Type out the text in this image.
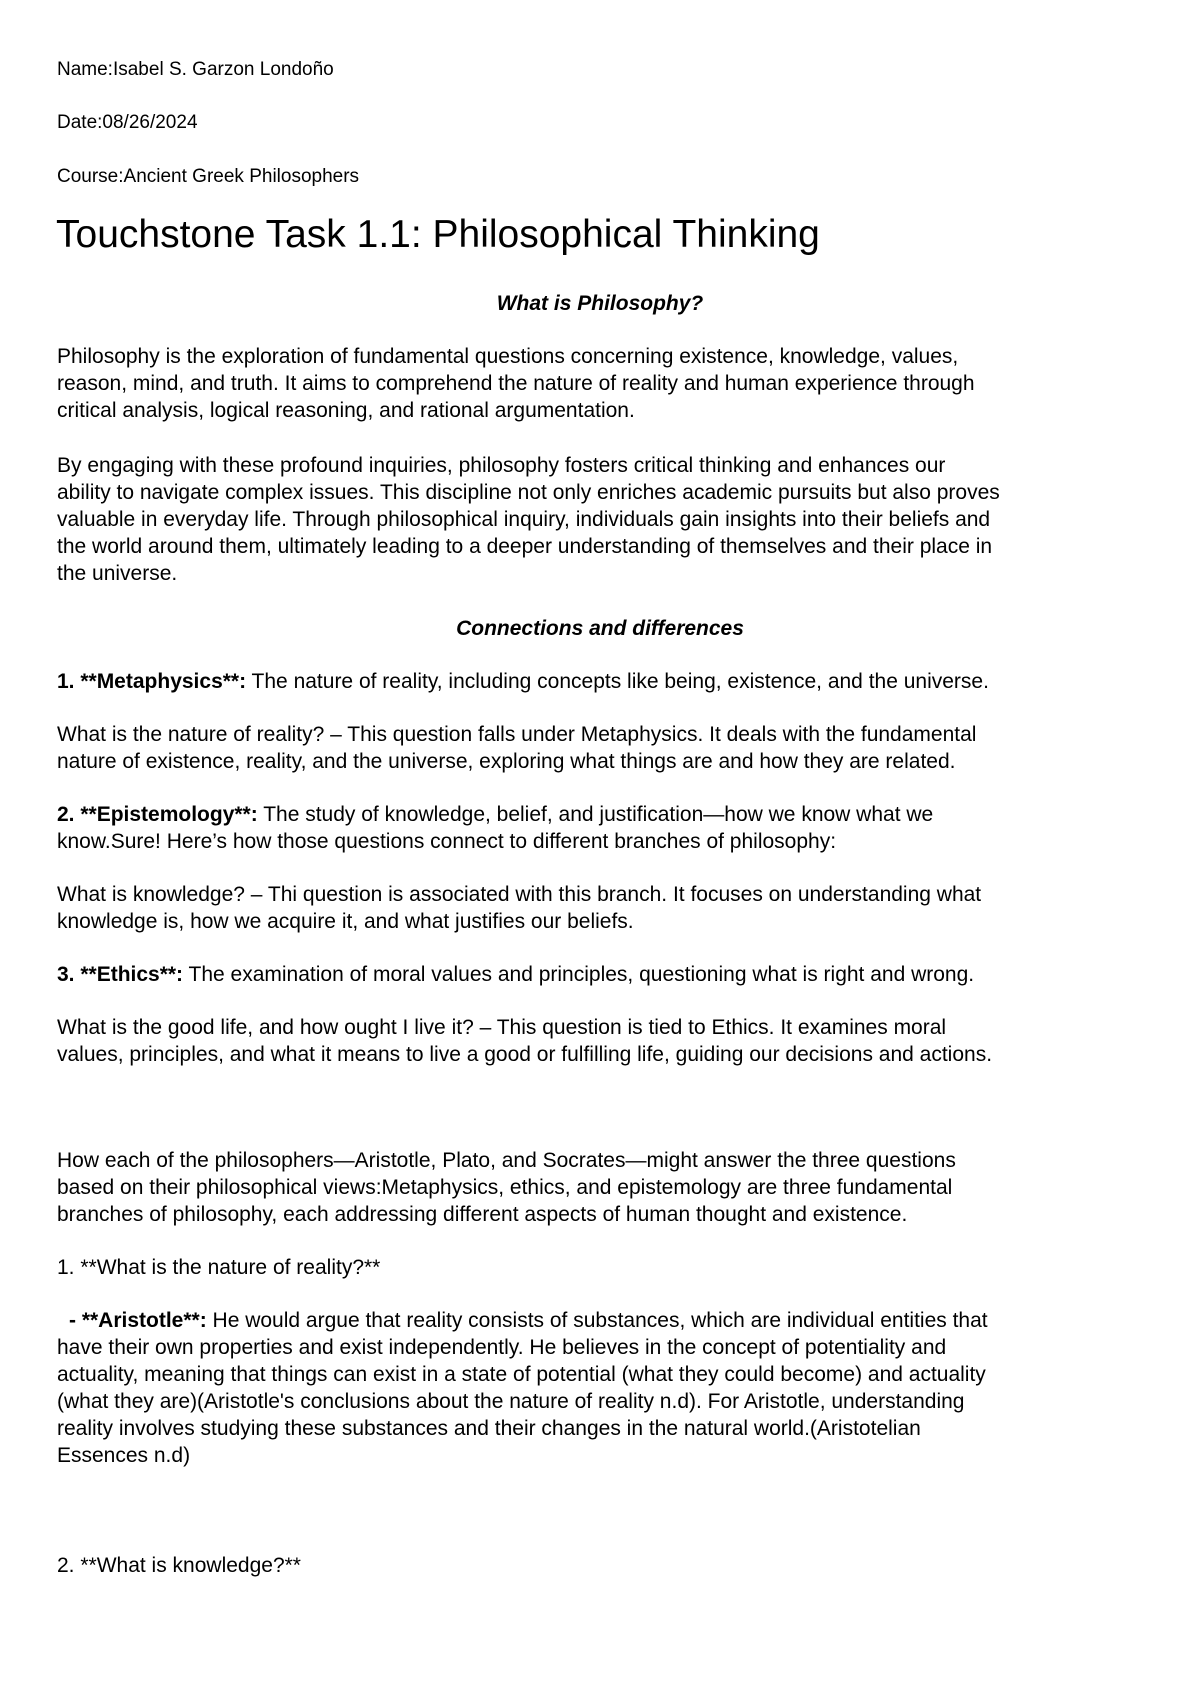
Name:Isabel S. Garzon Londoño
Date:08/26/2024
Course:Ancient Greek Philosophers
Touchstone Task 1.1: Philosophical Thinking
What is Philosophy?
Philosophy is the exploration of fundamental questions concerning existence, knowledge, values,
reason, mind, and truth. It aims to comprehend the nature of reality and human experience through
critical analysis, logical reasoning, and rational argumentation.
By engaging with these profound inquiries, philosophy fosters critical thinking and enhances our
ability to navigate complex issues. This discipline not only enriches academic pursuits but also proves
valuable in everyday life. Through philosophical inquiry, individuals gain insights into their beliefs and
the world around them, ultimately leading to a deeper understanding of themselves and their place in
the universe.
Connections and differences
1. **Metaphysics**: The nature of reality, including concepts like being, existence, and the universe.
What is the nature of reality? – This question falls under Metaphysics. It deals with the fundamental
nature of existence, reality, and the universe, exploring what things are and how they are related.
2. **Epistemology**: The study of knowledge, belief, and justification—how we know what we
know.Sure! Here’s how those questions connect to different branches of philosophy:
What is knowledge? – Thi question is associated with this branch. It focuses on understanding what
knowledge is, how we acquire it, and what justifies our beliefs.
3. **Ethics**: The examination of moral values and principles, questioning what is right and wrong.
What is the good life, and how ought I live it? – This question is tied to Ethics. It examines moral
values, principles, and what it means to live a good or fulfilling life, guiding our decisions and actions.
How each of the philosophers—Aristotle, Plato, and Socrates—might answer the three questions
based on their philosophical views:Metaphysics, ethics, and epistemology are three fundamental
branches of philosophy, each addressing different aspects of human thought and existence.
1. **What is the nature of reality?**
- **Aristotle**: He would argue that reality consists of substances, which are individual entities that
have their own properties and exist independently. He believes in the concept of potentiality and
actuality, meaning that things can exist in a state of potential (what they could become) and actuality
(what they are)(Aristotle's conclusions about the nature of reality n.d). For Aristotle, understanding
reality involves studying these substances and their changes in the natural world.(Aristotelian
Essences n.d)
2. **What is knowledge?**
